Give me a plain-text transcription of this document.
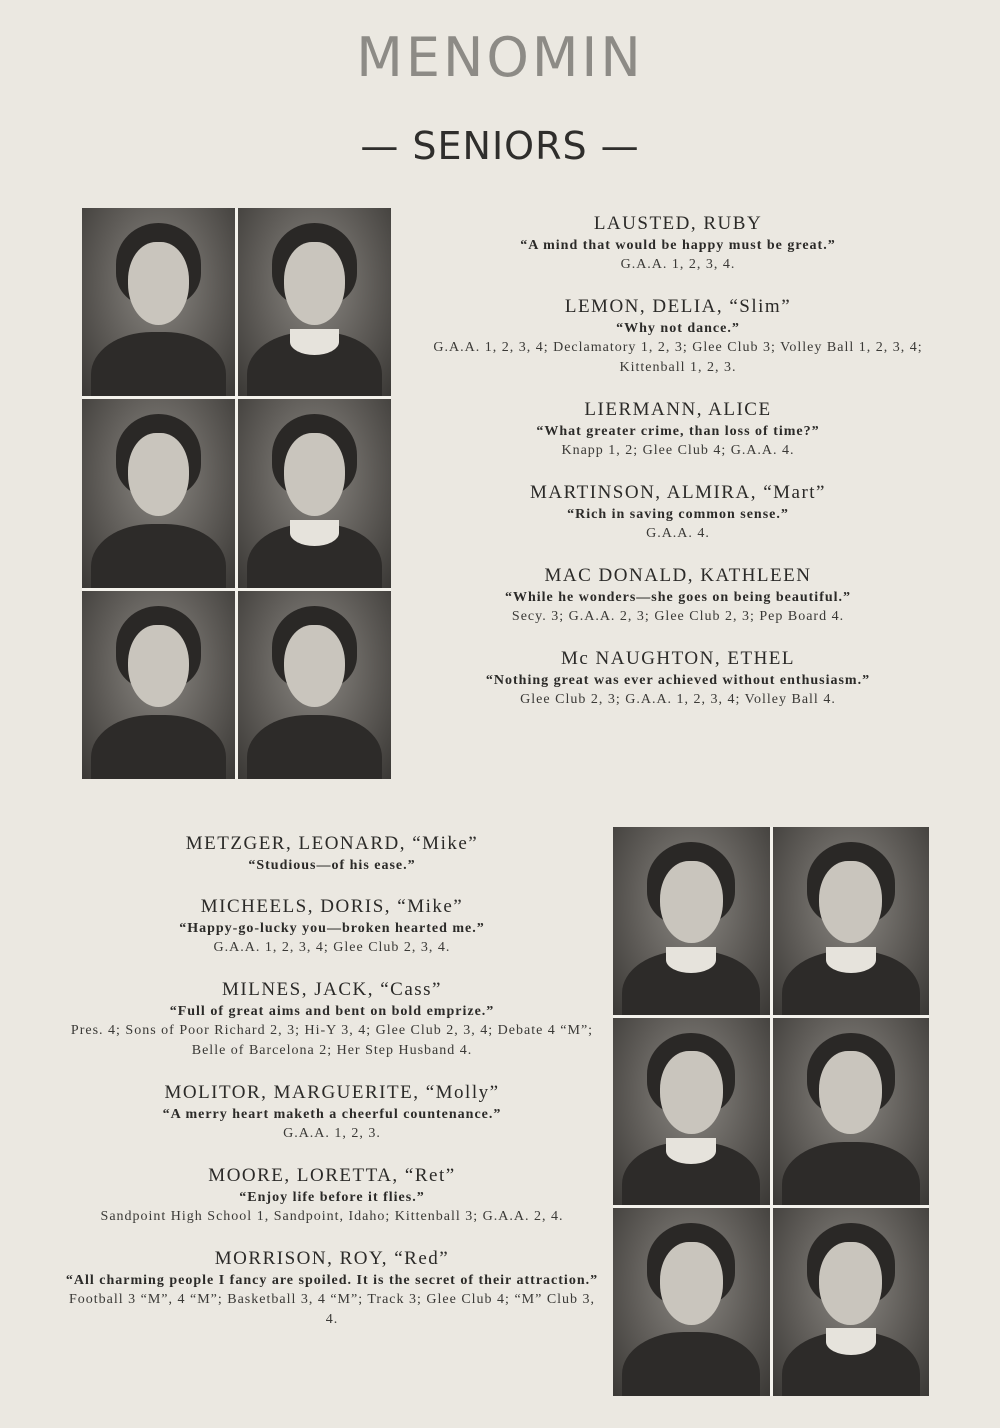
MENOMIN
— SENIORS —
LAUSTED, RUBY
“A mind that would be happy must be great.”
G.A.A. 1, 2, 3, 4.
LEMON, DELIA, “Slim”
“Why not dance.”
G.A.A. 1, 2, 3, 4; Declamatory 1, 2, 3; Glee Club 3; Volley Ball 1, 2, 3, 4; Kittenball 1, 2, 3.
LIERMANN, ALICE
“What greater crime, than loss of time?”
Knapp 1, 2; Glee Club 4; G.A.A. 4.
MARTINSON, ALMIRA, “Mart”
“Rich in saving common sense.”
G.A.A. 4.
MAC DONALD, KATHLEEN
“While he wonders—she goes on being beautiful.”
Secy. 3; G.A.A. 2, 3; Glee Club 2, 3; Pep Board 4.
Mc NAUGHTON, ETHEL
“Nothing great was ever achieved without enthusiasm.”
Glee Club 2, 3; G.A.A. 1, 2, 3, 4; Volley Ball 4.
METZGER, LEONARD, “Mike”
“Studious—of his ease.”
MICHEELS, DORIS, “Mike”
“Happy-go-lucky you—broken hearted me.”
G.A.A. 1, 2, 3, 4; Glee Club 2, 3, 4.
MILNES, JACK, “Cass”
“Full of great aims and bent on bold emprize.”
Pres. 4; Sons of Poor Richard 2, 3; Hi-Y 3, 4; Glee Club 2, 3, 4; Debate 4 “M”; Belle of Barcelona 2; Her Step Husband 4.
MOLITOR, MARGUERITE, “Molly”
“A merry heart maketh a cheerful countenance.”
G.A.A. 1, 2, 3.
MOORE, LORETTA, “Ret”
“Enjoy life before it flies.”
Sandpoint High School 1, Sandpoint, Idaho; Kittenball 3; G.A.A. 2, 4.
MORRISON, ROY, “Red”
“All charming people I fancy are spoiled. It is the secret of their attraction.”
Football 3 “M”, 4 “M”; Basketball 3, 4 “M”; Track 3; Glee Club 4; “M” Club 3, 4.
